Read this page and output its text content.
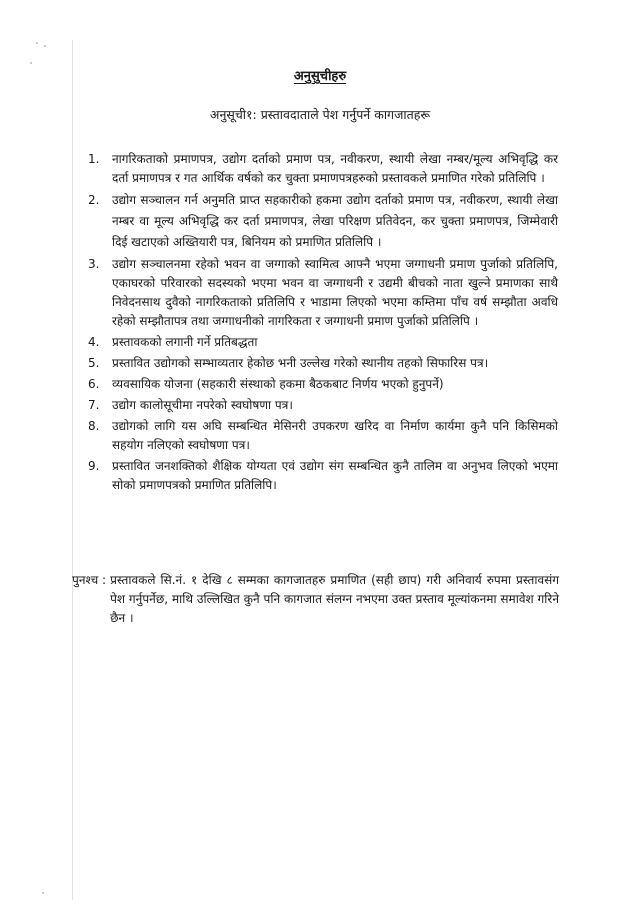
अनुसुचीहरु
अनुसूची१: प्रस्तावदाताले पेश गर्नुपर्ने कागजातहरू
1.	नागरिकताको प्रमाणपत्र, उद्योग दर्ताको प्रमाण पत्र, नवीकरण, स्थायी लेखा नम्बर/मूल्य अभिवृद्धि कर दर्ता प्रमाणपत्र र गत आर्थिक वर्षको कर चुक्ता प्रमाणपत्रहरुको प्रस्तावकले प्रमाणित गरेको प्रतिलिपि ।
2.	उद्योग सञ्चालन गर्न अनुमति प्राप्त सहकारीको हकमा उद्योग दर्ताको प्रमाण पत्र, नवीकरण, स्थायी लेखा नम्बर वा मूल्य अभिवृद्धि कर दर्ता प्रमाणपत्र, लेखा परिक्षण प्रतिवेदन, कर चुक्ता प्रमाणपत्र, जिम्मेवारी दिई खटाएको अख्तियारी पत्र, बिनियम को प्रमाणित प्रतिलिपि ।
3.	उद्योग सञ्चालनमा रहेको भवन वा जग्गाको स्वामित्व आफ्नै भएमा जग्गाधनी प्रमाण पुर्जाको प्रतिलिपि, एकाघरको परिवारको सदस्यको भएमा भवन वा जग्गाधनी र उद्यमी बीचको नाता खुल्ने प्रमाणका साथै निवेदनसाथ दुवैको नागरिकताको प्रतिलिपि र भाडामा लिएको भएमा कम्तिमा पाँच वर्ष सम्झौता अवधि रहेको सम्झौतापत्र तथा जग्गाधनीको नागरिकता र जग्गाधनी प्रमाण पुर्जाको प्रतिलिपि ।
4.	प्रस्तावकको लगानी गर्ने प्रतिबद्धता
5.	प्रस्तावित उद्योगको सम्भाव्यतार हेकोछ भनी उल्लेख गरेको स्थानीय तहको सिफारिस पत्र।
6.	व्यवसायिक योजना (सहकारी संस्थाको हकमा बैठकबाट निर्णय भएको हुनुपर्ने)
7.	उद्योग कालोसूचीमा नपरेको स्वघोषणा पत्र।
8.	उद्योगको लागि यस अघि सम्बन्धित मेसिनरी उपकरण खरिद वा निर्माण कार्यमा कुनै पनि किसिमको सहयोग नलिएको स्वघोषणा पत्र।
9.	प्रस्तावित जनशक्तिको शैक्षिक योग्यता एवं उद्योग संग सम्बन्धित कुनै तालिम वा अनुभव लिएको भएमा सोको प्रमाणपत्रको प्रमाणित प्रतिलिपि।
पुनश्च : प्रस्तावकले सि.नं. १ देखि ८ सम्मका कागजातहरु प्रमाणित (सही छाप) गरी अनिवार्य रुपमा प्रस्तावसंग पेश गर्नुपर्नेछ, माथि उल्लिखित कुनै पनि कागजात संलग्न नभएमा उक्त प्रस्ताव मूल्यांकनमा समावेश गरिने छैन ।
